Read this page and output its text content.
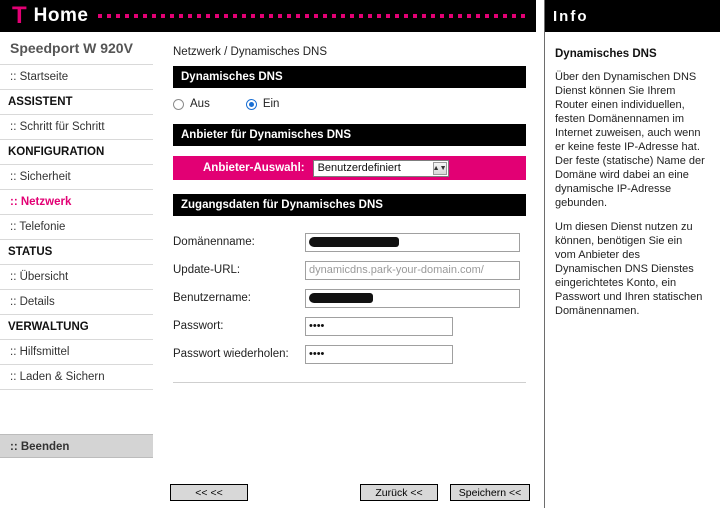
T Home
Speedport W 920V
:: Startseite
ASSISTENT
:: Schritt für Schritt
KONFIGURATION
:: Sicherheit
:: Netzwerk
:: Telefonie
STATUS
:: Übersicht
:: Details
VERWALTUNG
:: Hilfsmittel
:: Laden & Sichern
:: Beenden
Netzwerk / Dynamisches DNS
Dynamisches DNS
Aus	Ein
Anbieter für Dynamisches DNS
Anbieter-Auswahl: Benutzerdefiniert	▲▼
Zugangsdaten für Dynamisches DNS
Domänenname:
Update-URL:	dynamicdns.park-your-domain.com/
Benutzername:
Passwort:	••••
Passwort wiederholen:	••••
<< <<	Zurück <<	Speichern <<
Info
Dynamisches DNS
Über den Dynamischen DNS Dienst können Sie Ihrem Router einen individuellen, festen Domänennamen im Internet zuweisen, auch wenn er keine feste IP-Adresse hat. Der feste (statische) Name der Domäne wird dabei an eine dynamische IP-Adresse gebunden.
Um diesen Dienst nutzen zu können, benötigen Sie ein vom Anbieter des Dynamischen DNS Dienstes eingerichtetes Konto, ein Passwort und Ihren statischen Domänennamen.
